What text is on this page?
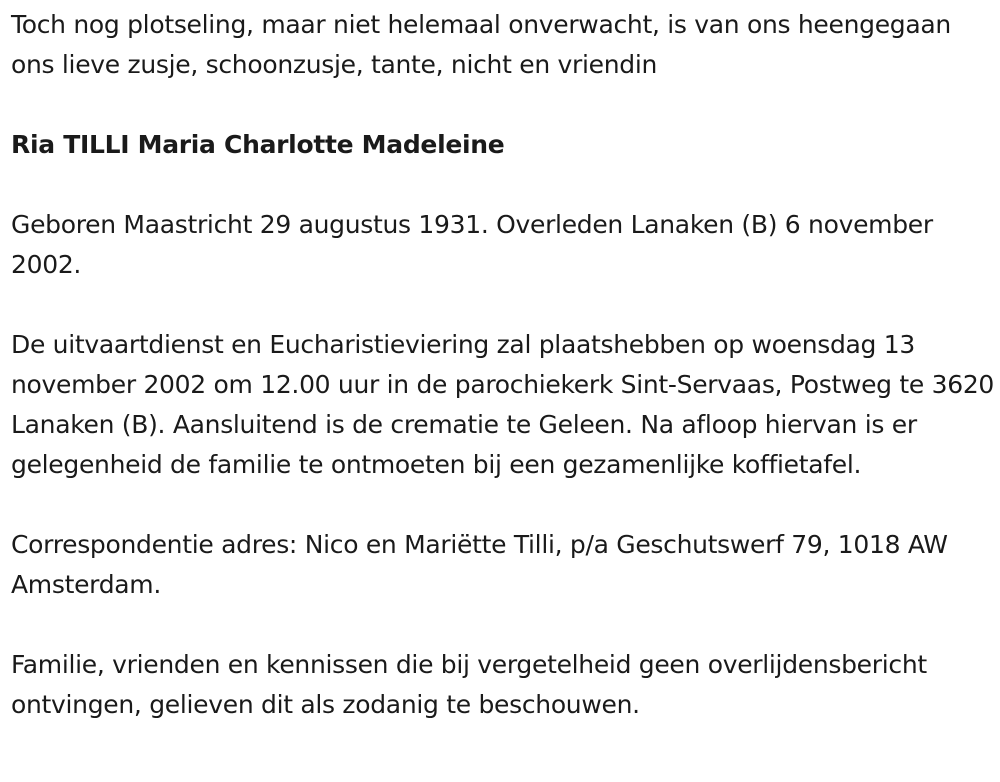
Toch nog plotseling, maar niet helemaal onverwacht, is van ons heengegaan ons lieve zusje, schoonzusje, tante, nicht en vriendin

Ria TILLI Maria Charlotte Madeleine

Geboren Maastricht 29 augustus 1931. Overleden Lanaken (B) 6 november 2002.

De uitvaartdienst en Eucharistieviering zal plaatshebben op woensdag 13 november 2002 om 12.00 uur in de parochiekerk Sint-Servaas, Postweg te 3620 Lanaken (B). Aansluitend is de crematie te Geleen. Na afloop hiervan is er gelegenheid de familie te ontmoeten bij een gezamenlijke koffietafel.

Correspondentie adres: Nico en Mariëtte Tilli, p/a Geschutswerf 79, 1018 AW Amsterdam.

Familie, vrienden en kennissen die bij vergetelheid geen overlijdensbericht ontvingen, gelieven dit als zodanig te beschouwen.
